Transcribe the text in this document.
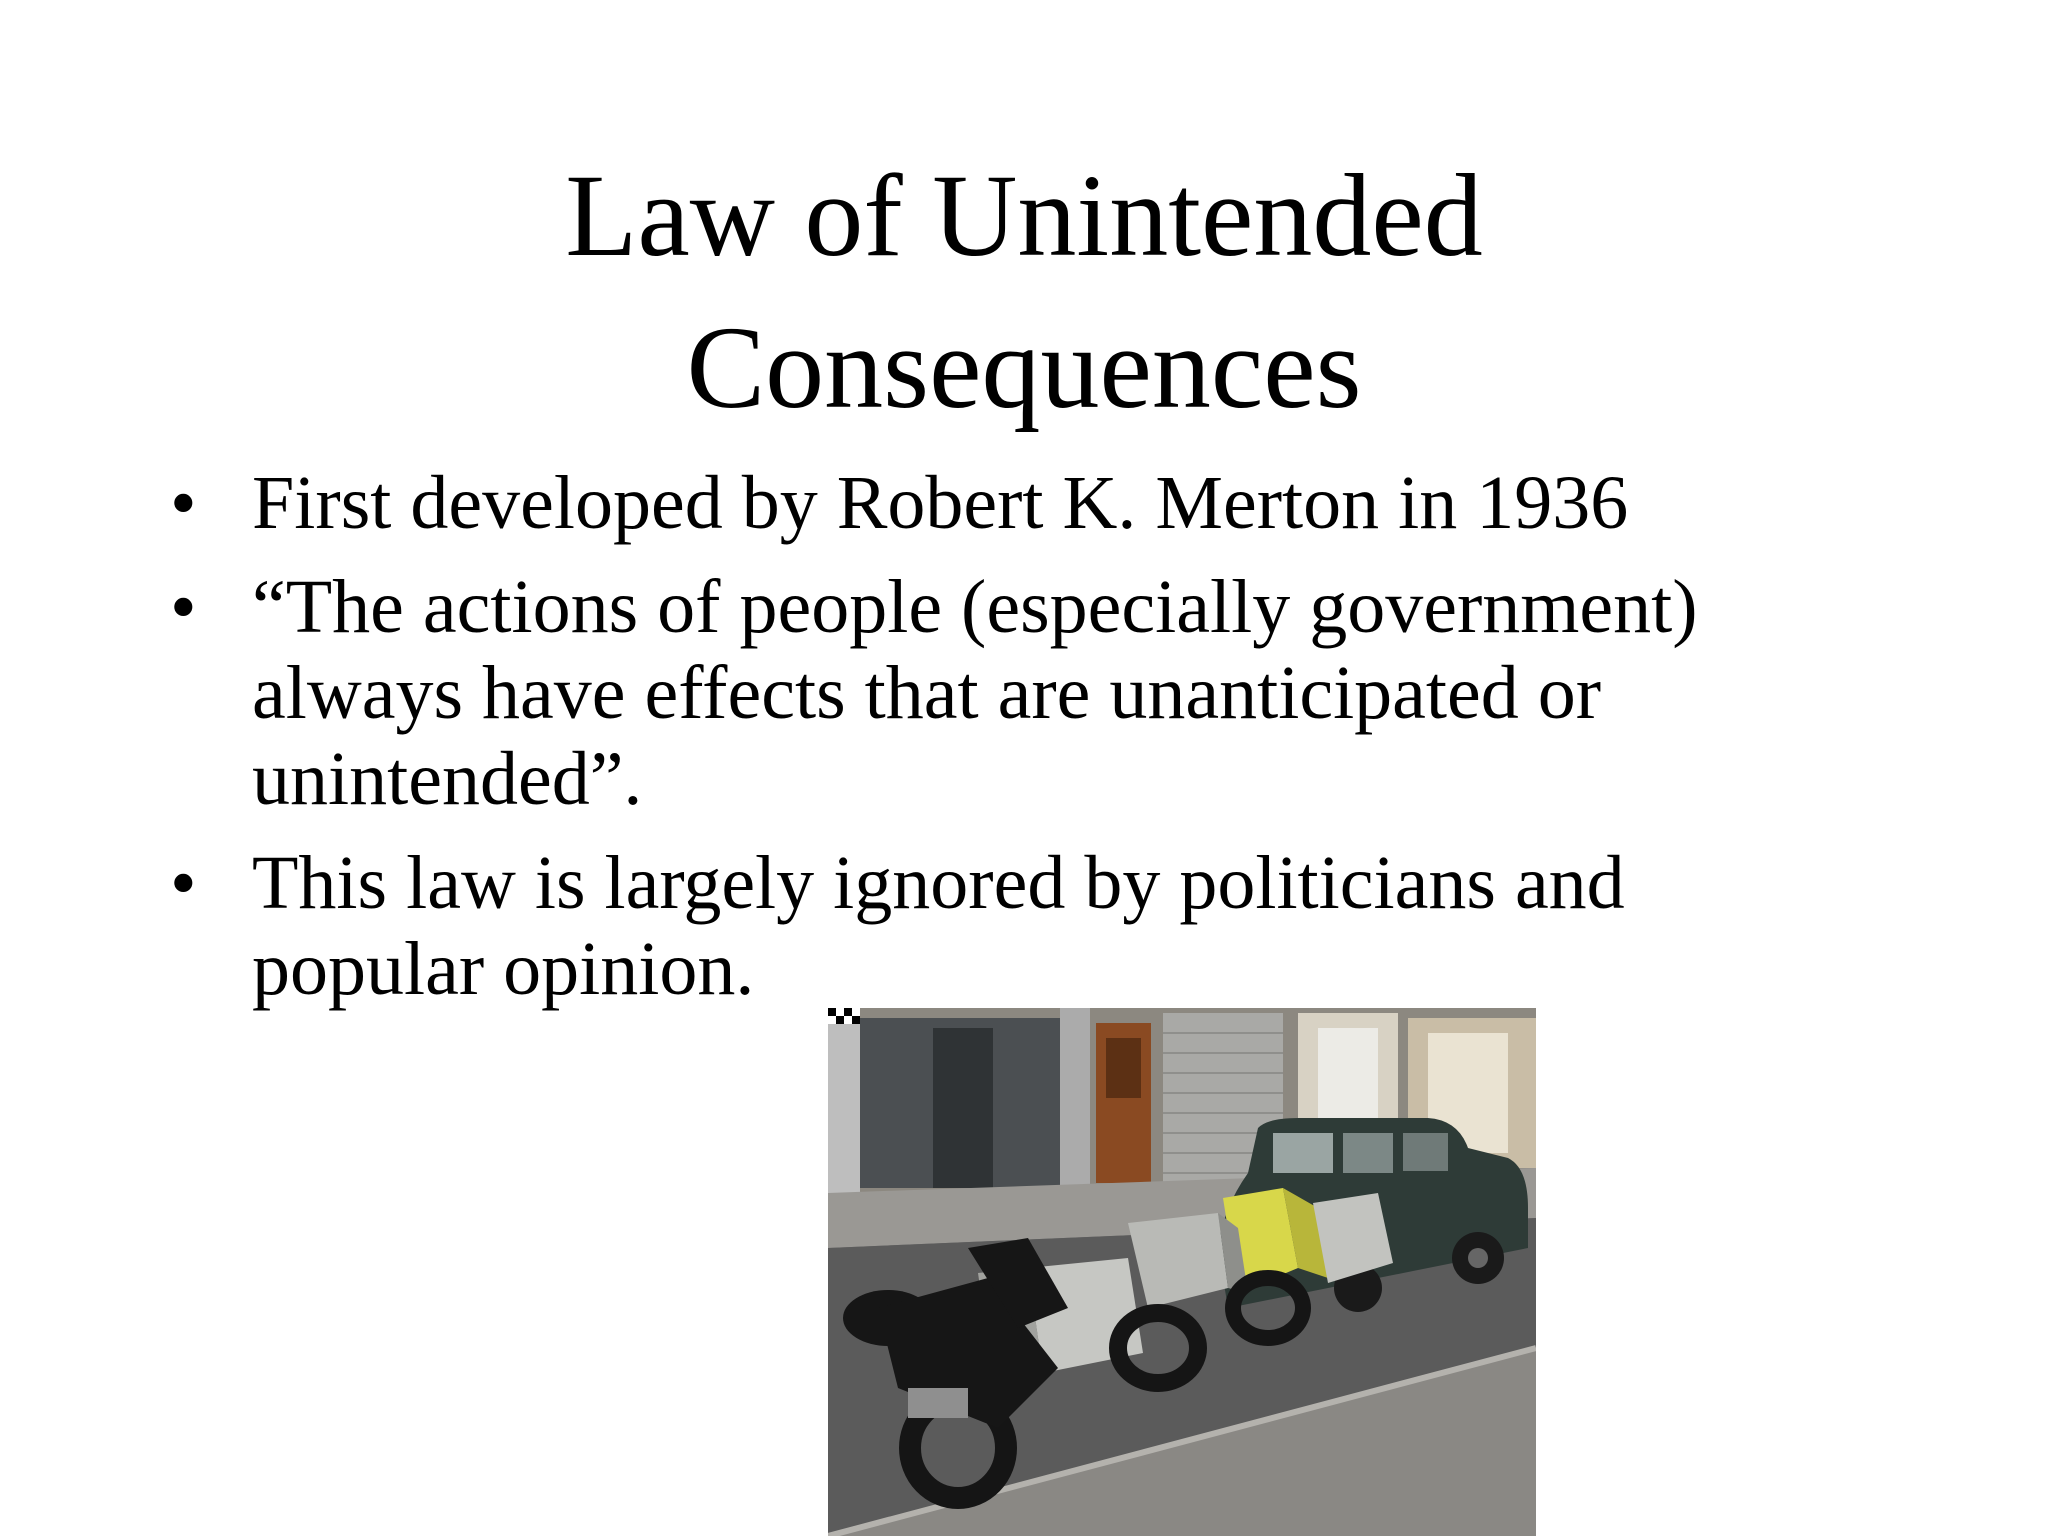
Law of Unintended
Consequences
• First developed by Robert K. Merton in 1936
• “The actions of people (especially government) always have effects that are unanticipated or unintended”.
• This law is largely ignored by politicians and popular opinion.
